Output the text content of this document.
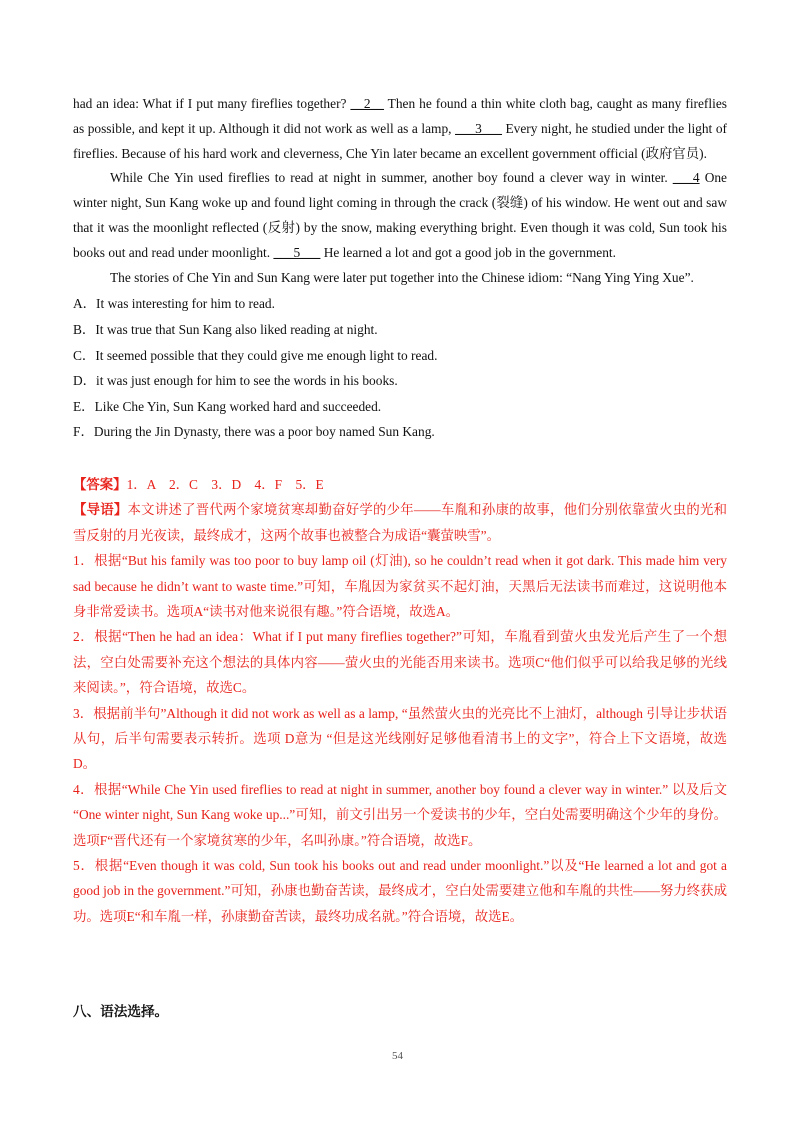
had an idea: What if I put many fireflies together? __2__ Then he found a thin white cloth bag, caught as many fireflies as possible, and kept it up. Although it did not work as well as a lamp, ___3___ Every night, he studied under the light of fireflies. Because of his hard work and cleverness, Che Yin later became an excellent government official (政府官员).

While Che Yin used fireflies to read at night in summer, another boy found a clever way in winter. ___4 One winter night, Sun Kang woke up and found light coming in through the crack (裂缝) of his window. He went out and saw that it was the moonlight reflected (反射) by the snow, making everything bright. Even though it was cold, Sun took his books out and read under moonlight. ___5___ He learned a lot and got a good job in the government.

The stories of Che Yin and Sun Kang were later put together into the Chinese idiom: “Nang Ying Ying Xue”.

A．It was interesting for him to read.

B．It was true that Sun Kang also liked reading at night.

C．It seemed possible that they could give me enough light to read.

D．it was just enough for him to see the words in his books.

E．Like Che Yin, Sun Kang worked hard and succeeded.

F．During the Jin Dynasty, there was a poor boy named Sun Kang.

【答案】1．A　2．C　3．D　4．F　5．E

【导语】本文讲述了晋代两个家境贫寒却勤奋好学的少年——车胤和孙康的故事，他们分别依靠萤火虫的光和雪反射的月光夜读，最终成才，这两个故事也被整合为成语“囊萤映雪”。

1．根据“But his family was too poor to buy lamp oil (灯油), so he couldn’t read when it got dark. This made him very sad because he didn’t want to waste time.”可知，车胤因为家贫买不起灯油，天黑后无法读书而难过，这说明他本身非常爱读书。选项A“读书对他来说很有趣。”符合语境，故选A。

2．根据“Then he had an idea：What if I put many fireflies together?”可知，车胤看到萤火虫发光后产生了一个想法，空白处需要补充这个想法的具体内容——萤火虫的光能否用来读书。选项C“他们似乎可以给我足够的光线来阅读。”，符合语境，故选C。

3．根据前半句”Although it did not work as well as a lamp, “虽然萤火虫的光亮比不上油灯，although 引导让步状语从句，后半句需要表示转折。选项 D意为 “但是这光线刚好足够他看清书上的文字”，符合上下文语境，故选 D。

4．根据“While Che Yin used fireflies to read at night in summer, another boy found a clever way in winter.” 以及后文 “One winter night, Sun Kang woke up...”可知，前文引出另一个爱读书的少年，空白处需要明确这个少年的身份。选项F“晋代还有一个家境贫寒的少年，名叫孙康。”符合语境，故选F。

5．根据“Even though it was cold, Sun took his books out and read under moonlight.”以及“He learned a lot and got a good job in the government.”可知，孙康也勤奋苦读，最终成才，空白处需要建立他和车胤的共性——努力终获成功。选项E“和车胤一样，孙康勤奋苦读，最终功成名就。”符合语境，故选E。

八、语法选择。
54
